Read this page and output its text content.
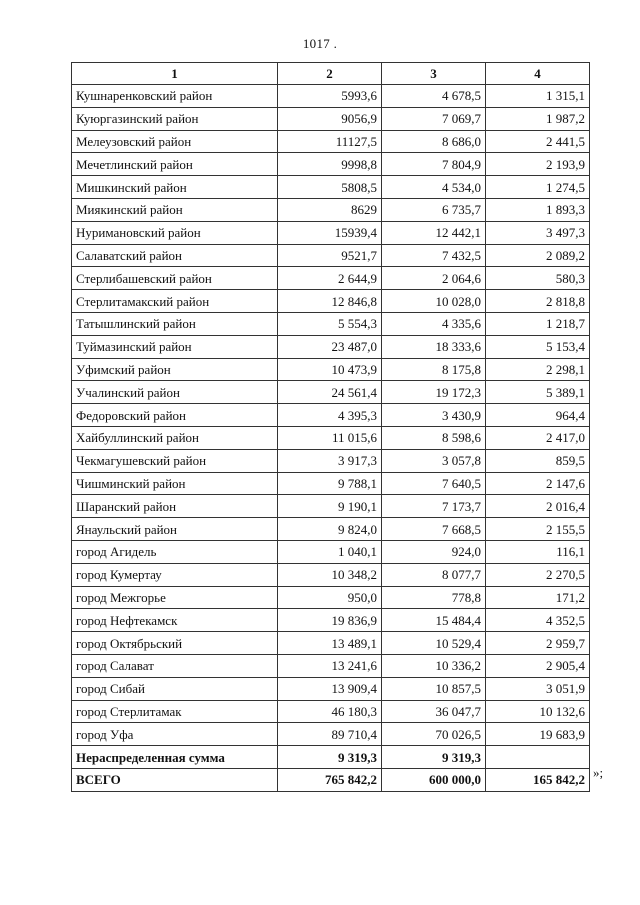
1017 .
1	2	3	4
Кушнаренковский район	5993,6	4 678,5	1 315,1
Куюргазинский район	9056,9	7 069,7	1 987,2
Мелеузовский район	11127,5	8 686,0	2 441,5
Мечетлинский район	9998,8	7 804,9	2 193,9
Мишкинский район	5808,5	4 534,0	1 274,5
Миякинский район	8629	6 735,7	1 893,3
Нуримановский район	15939,4	12 442,1	3 497,3
Салаватский район	9521,7	7 432,5	2 089,2
Стерлибашевский район	2 644,9	2 064,6	580,3
Стерлитамакский район	12 846,8	10 028,0	2 818,8
Татышлинский район	5 554,3	4 335,6	1 218,7
Туймазинский район	23 487,0	18 333,6	5 153,4
Уфимский район	10 473,9	8 175,8	2 298,1
Учалинский район	24 561,4	19 172,3	5 389,1
Федоровский район	4 395,3	3 430,9	964,4
Хайбуллинский район	11 015,6	8 598,6	2 417,0
Чекмагушевский район	3 917,3	3 057,8	859,5
Чишминский район	9 788,1	7 640,5	2 147,6
Шаранский район	9 190,1	7 173,7	2 016,4
Янаульский район	9 824,0	7 668,5	2 155,5
город Агидель	1 040,1	924,0	116,1
город Кумертау	10 348,2	8 077,7	2 270,5
город Межгорье	950,0	778,8	171,2
город Нефтекамск	19 836,9	15 484,4	4 352,5
город Октябрьский	13 489,1	10 529,4	2 959,7
город Салават	13 241,6	10 336,2	2 905,4
город Сибай	13 909,4	10 857,5	3 051,9
город Стерлитамак	46 180,3	36 047,7	10 132,6
город Уфа	89 710,4	70 026,5	19 683,9
Нераспределенная сумма	9 319,3	9 319,3	
ВСЕГО	765 842,2	600 000,0	165 842,2 »;
